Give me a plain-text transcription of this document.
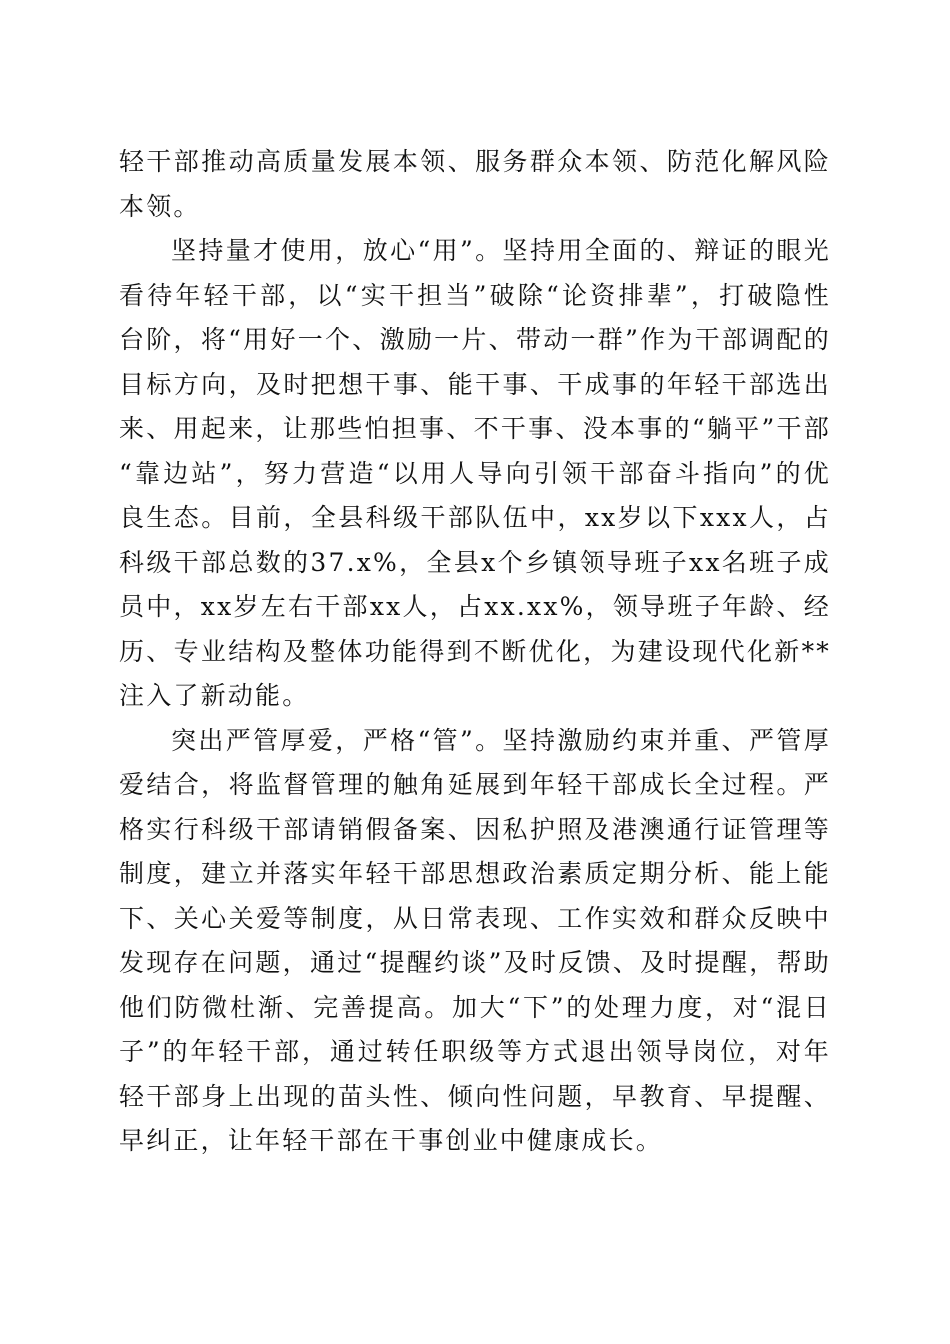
轻干部推动高质量发展本领、服务群众本领、防范化解风险本领。

坚持量才使用，放心“用”。坚持用全面的、辩证的眼光看待年轻干部，以“实干担当”破除“论资排辈”，打破隐性台阶，将“用好一个、激励一片、带动一群”作为干部调配的目标方向，及时把想干事、能干事、干成事的年轻干部选出来、用起来，让那些怕担事、不干事、没本事的“躺平”干部“靠边站”，努力营造“以用人导向引领干部奋斗指向”的优良生态。目前，全县科级干部队伍中，xx岁以下xxx人，占科级干部总数的37.x%，全县x个乡镇领导班子xx名班子成员中，xx岁左右干部xx人，占xx.xx%，领导班子年龄、经历、专业结构及整体功能得到不断优化，为建设现代化新**注入了新动能。

突出严管厚爱，严格“管”。坚持激励约束并重、严管厚爱结合，将监督管理的触角延展到年轻干部成长全过程。严格实行科级干部请销假备案、因私护照及港澳通行证管理等制度，建立并落实年轻干部思想政治素质定期分析、能上能下、关心关爱等制度，从日常表现、工作实效和群众反映中发现存在问题，通过“提醒约谈”及时反馈、及时提醒，帮助他们防微杜渐、完善提高。加大“下”的处理力度，对“混日子”的年轻干部，通过转任职级等方式退出领导岗位，对年轻干部身上出现的苗头性、倾向性问题，早教育、早提醒、早纠正，让年轻干部在干事创业中健康成长。
